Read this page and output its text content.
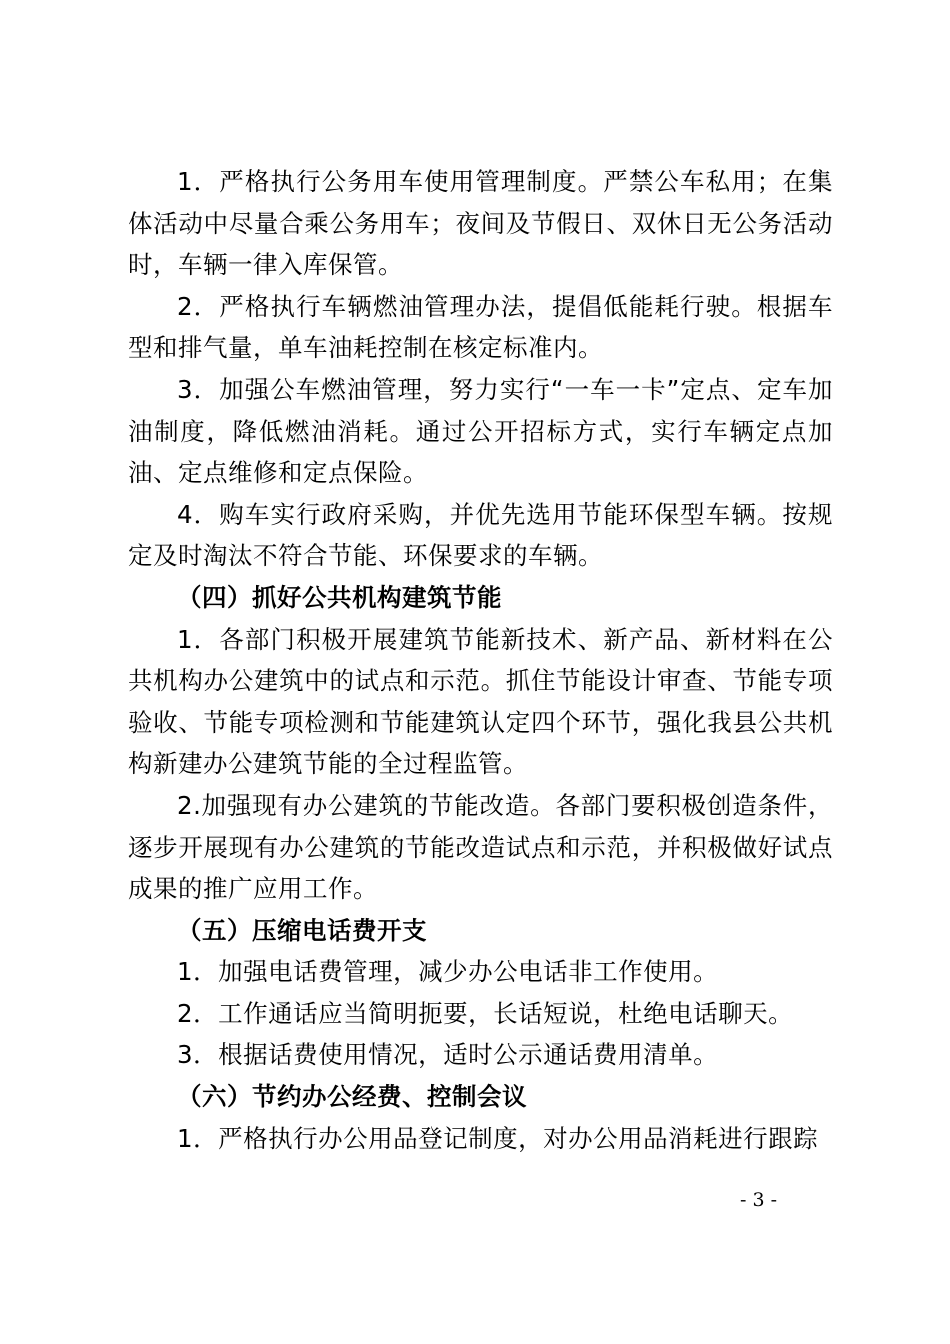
1．严格执行公务用车使用管理制度。严禁公车私用；在集体活动中尽量合乘公务用车；夜间及节假日、双休日无公务活动时，车辆一律入库保管。

2．严格执行车辆燃油管理办法，提倡低能耗行驶。根据车型和排气量，单车油耗控制在核定标准内。

3．加强公车燃油管理，努力实行“一车一卡”定点、定车加油制度，降低燃油消耗。通过公开招标方式，实行车辆定点加油、定点维修和定点保险。

4．购车实行政府采购，并优先选用节能环保型车辆。按规定及时淘汰不符合节能、环保要求的车辆。

（四）抓好公共机构建筑节能

1．各部门积极开展建筑节能新技术、新产品、新材料在公共机构办公建筑中的试点和示范。抓住节能设计审查、节能专项验收、节能专项检测和节能建筑认定四个环节，强化我县公共机构新建办公建筑节能的全过程监管。

2.加强现有办公建筑的节能改造。各部门要积极创造条件，逐步开展现有办公建筑的节能改造试点和示范，并积极做好试点成果的推广应用工作。

（五）压缩电话费开支

1．加强电话费管理，减少办公电话非工作使用。

2．工作通话应当简明扼要，长话短说，杜绝电话聊天。

3．根据话费使用情况，适时公示通话费用清单。

（六）节约办公经费、控制会议

1．严格执行办公用品登记制度，对办公用品消耗进行跟踪

- 3 -
